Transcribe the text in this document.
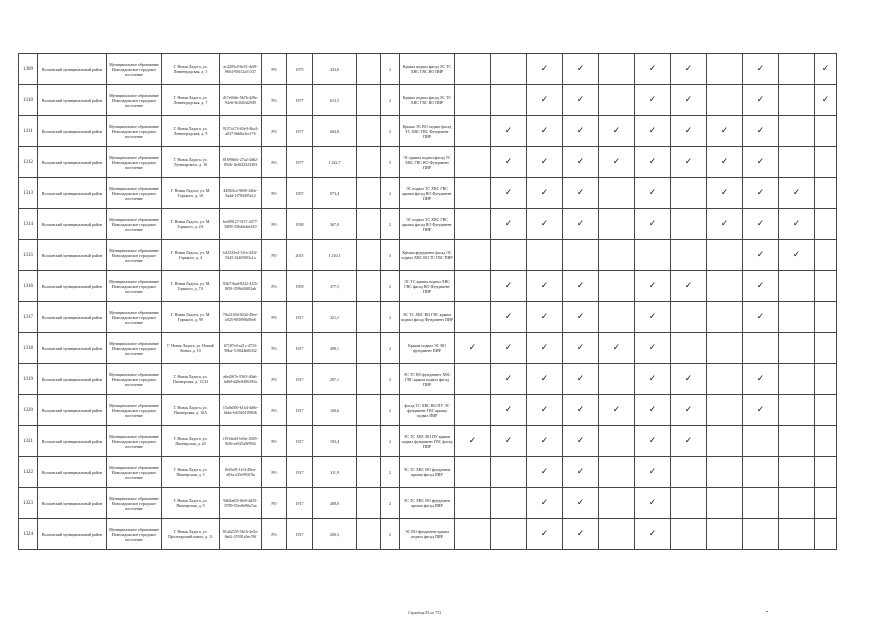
1309	Волховский муниципальный район	Муниципальное образование Новоладожское городское поселение	Г. Новая Ладога, ул. Ленинградская, д. 5	ac3205c0-6e51-4ef9-9604-95012a51337	РО	1975	433,6		2	Крыша подвал фасад ЭС ТС ХВС ГВС ВО ПИР			✓	✓		✓	✓		✓		✓
1310	Волховский муниципальный район	Муниципальное образование Новоладожское городское поселение	Г. Новая Ладога, ул. Ленинградская, д. 7	d17e69ab-5b7b-429e-92e6-5b1b6fd2949	РО	1977	613,5		2	Крыша подвал фасад ЭС ТС ХВС ГВС ВО ПИР			✓	✓		✓	✓		✓		✓
1311	Волховский муниципальный район	Муниципальное образование Новоладожское городское поселение	Г. Новая Ладога, ул. Ленинградская, д. 9	9157a174-65e9-4ba4-a037-8eb8a3ec176	РО	1977	604,8		2	Крыша ЭС ВО подвал фасад ТС ХВС ГВС Фундамент ПИР		✓	✓	✓	✓	✓	✓	✓	✓		
1312	Волховский муниципальный район	Муниципальное образование Новоладожское городское поселение	Г. Новая Ладога, ул. Луначарского, д. 10	81699b0c-27a2-4db2-892b-1b4042323303	РО	1977	1 242,7		5	ЭС крыша подвал фасад ТС ХВС ГВС ВО Фундамент ПИР		✓	✓	✓	✓	✓	✓	✓	✓		
1313	Волховский муниципальный район	Муниципальное образование Новоладожское городское поселение	Г. Новая Ладога, ул. М. Горького, д. 10	4458ffc2-9690-446e-9a4d-1f784495e14	РО	1957	973,4		2	ЭС подвал ТС ХВС ГВС крыша фасад ВО Фундамент ПИР		✓	✓	✓		✓		✓	✓	✓	
1314	Волховский муниципальный район	Муниципальное образование Новоладожское городское поселение	Г. Новая Ладога, ул. М. Горького, д. 2А	ba309127-5f37-4377-8499-336a0e4ef410	РО	1938	367,0		2	ЭС подвал ТС ХВС ГВС крыша фасад ВО Фундамент ПИР		✓	✓	✓		✓		✓	✓	✓	
1315	Волховский муниципальный район	Муниципальное образование Новоладожское городское поселение	Г. Новая Ладога, ул. М. Горького, д. 4	b43335e4-5f1e-431f-9345-f34ff9f03c1a	РО	2015	1 210,1		3	Крыша фундамент фасад ЭС подвал ХВС ВО ТС ГВС ПИР									✓	✓	
1316	Волховский муниципальный район	Муниципальное образование Новоладожское городское поселение	Г. Новая Ладога, ул. М. Горького, д. 7А	83b71bad-8242-41f5-8f59-359b4f0f02ab	РО	1959	377,5		2	ЭС ТС крыша подвал ХВС ГВС фасад ВО Фундамент ПИР		✓	✓	✓		✓	✓		✓		
1317	Волховский муниципальный район	Муниципальное образование Новоладожское городское поселение	Г. Новая Ладога, ул. М. Горького, д. 9б	70a3145d-0242-49ee-a025-905090b06e6	РО	1917	321,1		2	ЭС ТС ХВС ВО ГВС крыша подвал фасад Фундамент ПИР		✓	✓	✓		✓			✓		
1318	Волховский муниципальный район	Муниципальное образование Новоладожское городское поселение	Г. Новая Ладога, ул. Новый Канал, д. 10	67187e4-a21c-4733-99ba-7c50d4b0f032	РО	1917	498,1		2	Крыша подвал ЭС ВО фундамент ПИР	✓	✓	✓	✓	✓	✓					
1319	Волховский муниципальный район	Муниципальное образование Новоладожское городское поселение	Г. Новая Ладога, ул. Пионерская, д. 11/33	a6ef267e-5365-40a6-bd60-d28c8496395a	РО	1917	287,1		2	ЭС ТС ВО фундамент ХВС ГВС крыша подвал фасад ПИР		✓	✓	✓		✓	✓		✓		
1320	Волховский муниципальный район	Муниципальное образование Новоладожское городское поселение	Г. Новая Ладога, ул. Пионерская, д. 16А	15a9a500-b1b4-4d0e-bbbe-b4f5b5109846	РО	1917	160,6		2	фасад ТС ХВС ВО ПУ ЭС фундамент ГВС крыша подвал ПИР		✓	✓	✓	✓	✓	✓		✓		
1321	Волховский муниципальный район	Муниципальное образование Новоладожское городское поселение	Г. Новая Ладога, ул. Пионерская, д. 20	f191ded3-b16e-4305-9f4b-ee925a9f99f2	РО	1917	193,4		2	ЭС ТС ХВС ВО ПУ крыша подвал фундамент ГВС фасад ПИР	✓	✓	✓	✓		✓	✓				
1322	Волховский муниципальный район	Муниципальное образование Новоладожское городское поселение	Г. Новая Ладога, ул. Пионерская, д. 5	8ef5ef9-11f4-49ea-a83a-a35e99319a	РО	1917	311,9		2	ЭС ТС ХВС ВО фундамент крыша фасад ПИР			✓	✓		✓					
1323	Волховский муниципальный район	Муниципальное образование Новоладожское городское поселение	Г. Новая Ладога, ул. Пионерская, д. 9	9d04af03-f0e6-4d35-8789-55ec8e90a7aa	РО	1917	408,0		2	ЭС ТС ХВС ВО фундамент крыша фасад ПИР			✓	✓		✓					
1324	Волховский муниципальный район	Муниципальное образование Новоладожское городское поселение	Г. Новая Ладога, ул. Пролетарский канал, д. 11	81a62535-5b1b-4e5a-8a62-25591a5ec59f	РО	1917	200,3		2	ЭС ВО фундамент крыша подвал фасад ПИР			✓	✓		✓					
Страница 83 из 753
